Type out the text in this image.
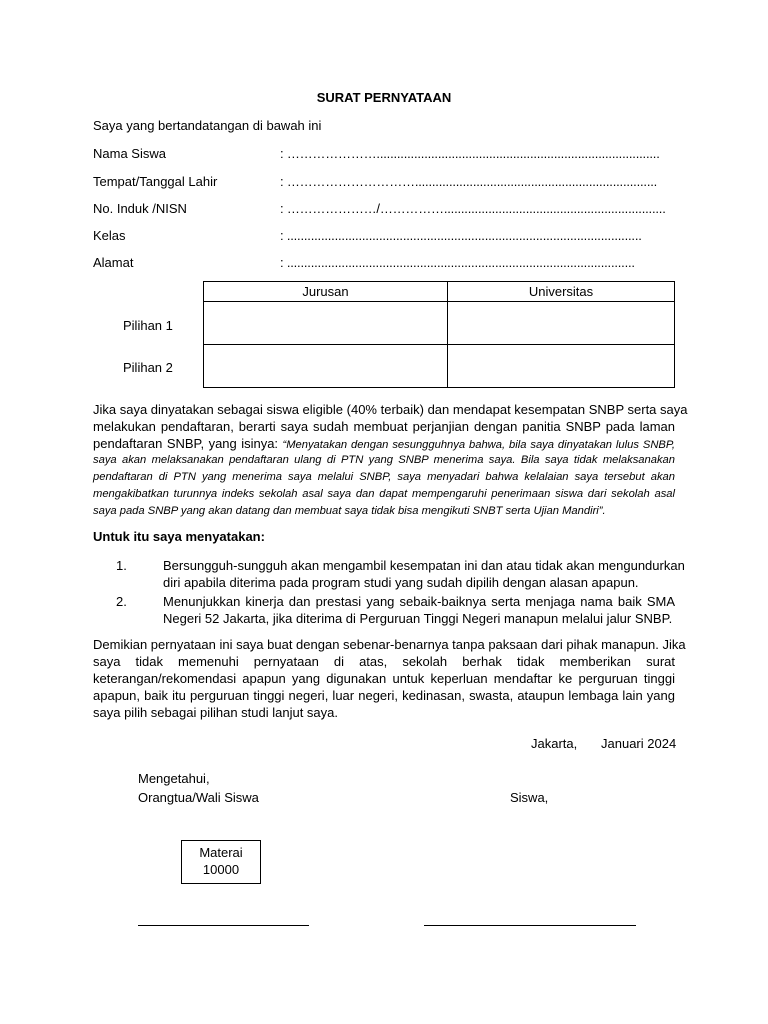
SURAT PERNYATAAN
Saya yang bertandatangan di bawah ini
Nama Siswa	: …………………...................................................................................
Tempat/Tanggal Lahir	: ………………………….......................................................................
No. Induk /NISN	: …………………/…………….................................................................
Kelas	: ........................................................................................................
Alamat	: ......................................................................................................
Jurusan	Universitas

Pilihan 1
Pilihan 2
Jika saya dinyatakan sebagai siswa eligible (40% terbaik) dan mendapat kesempatan SNBP serta saya
melakukan pendaftaran, berarti saya sudah membuat perjanjian dengan panitia SNBP pada laman
pendaftaran SNBP, yang isinya: “Menyatakan dengan sesungguhnya bahwa, bila saya dinyatakan lulus SNBP,
saya akan melaksanakan pendaftaran ulang di PTN yang SNBP menerima saya. Bila saya tidak melaksanakan
pendaftaran di PTN yang menerima saya melalui SNBP, saya menyadari bahwa kelalaian saya tersebut akan
mengakibatkan turunnya indeks sekolah asal saya dan dapat mempengaruhi penerimaan siswa dari sekolah asal
saya pada SNBP yang akan datang dan membuat saya tidak bisa mengikuti SNBT serta Ujian Mandiri”.
Untuk itu saya menyatakan:
1.	Bersungguh-sungguh akan mengambil kesempatan ini dan atau tidak akan mengundurkan
diri apabila diterima pada program studi yang sudah dipilih dengan alasan apapun.
2.	Menunjukkan kinerja dan prestasi yang sebaik-baiknya serta menjaga nama baik SMA
Negeri 52 Jakarta, jika diterima di Perguruan Tinggi Negeri manapun melalui jalur SNBP.
Demikian pernyataan ini saya buat dengan sebenar-benarnya tanpa paksaan dari pihak manapun. Jika
saya tidak memenuhi pernyataan di atas, sekolah berhak tidak memberikan surat
keterangan/rekomendasi apapun yang digunakan untuk keperluan mendaftar ke perguruan tinggi
apapun, baik itu perguruan tinggi negeri, luar negeri, kedinasan, swasta, ataupun lembaga lain yang
saya pilih sebagai pilihan studi lanjut saya.
Jakarta, Januari 2024
Mengetahui,
Orangtua/Wali Siswa	Siswa,
Materai
10000
